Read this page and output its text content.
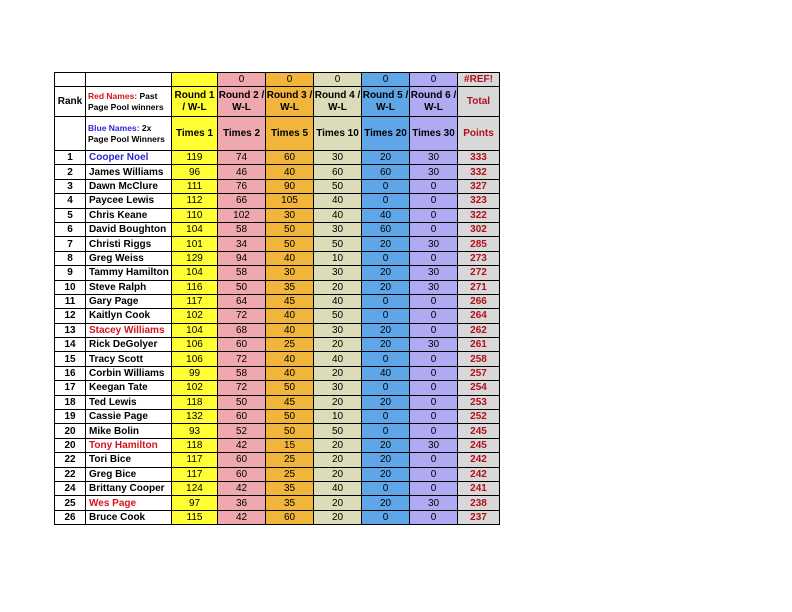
			0	0	0	0	0	#REF!
Rank	Red Names: Past Page Pool winners	Round 1 / W-L	Round 2 / W-L	Round 3 / W-L	Round 4 / W-L	Round 5 / W-L	Round 6 / W-L	Total
	Blue Names: 2x Page Pool Winners	Times 1	Times 2	Times 5	Times 10	Times 20	Times 30	Points
1	Cooper Noel	119	74	60	30	20	30	333
2	James Williams	96	46	40	60	60	30	332
3	Dawn McClure	111	76	90	50	0	0	327
4	Paycee Lewis	112	66	105	40	0	0	323
5	Chris Keane	110	102	30	40	40	0	322
6	David Boughton	104	58	50	30	60	0	302
7	Christi Riggs	101	34	50	50	20	30	285
8	Greg Weiss	129	94	40	10	0	0	273
9	Tammy Hamilton	104	58	30	30	20	30	272
10	Steve Ralph	116	50	35	20	20	30	271
11	Gary Page	117	64	45	40	0	0	266
12	Kaitlyn Cook	102	72	40	50	0	0	264
13	Stacey Williams	104	68	40	30	20	0	262
14	Rick DeGolyer	106	60	25	20	20	30	261
15	Tracy Scott	106	72	40	40	0	0	258
16	Corbin Williams	99	58	40	20	40	0	257
17	Keegan Tate	102	72	50	30	0	0	254
18	Ted Lewis	118	50	45	20	20	0	253
19	Cassie Page	132	60	50	10	0	0	252
20	Mike Bolin	93	52	50	50	0	0	245
20	Tony Hamilton	118	42	15	20	20	30	245
22	Tori Bice	117	60	25	20	20	0	242
22	Greg Bice	117	60	25	20	20	0	242
24	Brittany Cooper	124	42	35	40	0	0	241
25	Wes Page	97	36	35	20	20	30	238
26	Bruce Cook	115	42	60	20	0	0	237
